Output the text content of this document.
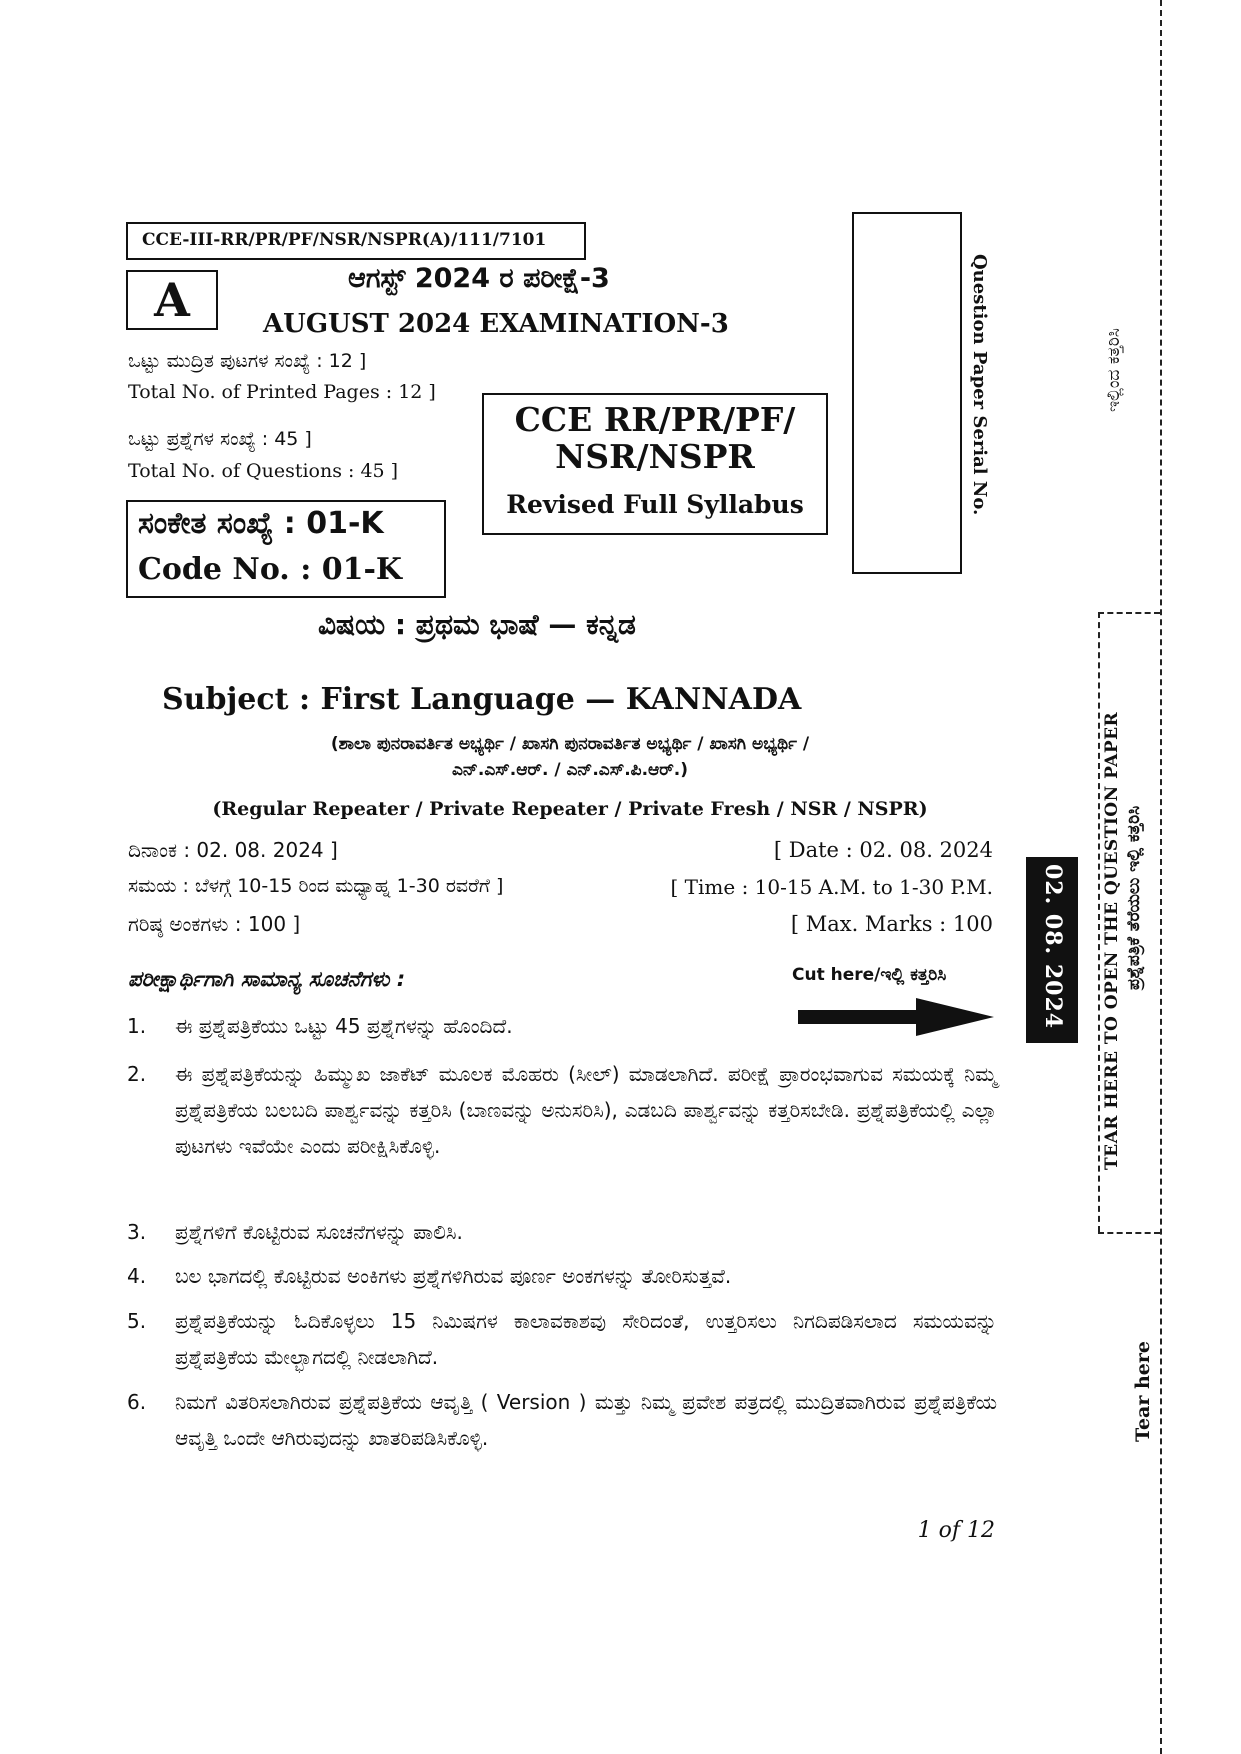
ಇಲ್ಲಿಂದ ಕತ್ತರಿಸಿ
TEAR HERE TO OPEN THE QUESTION PAPER ಪ್ರಶ್ನೆಪತ್ರಿಕೆ ತೆರೆಯಲು ಇಲ್ಲಿ ಕತ್ತರಿಸಿ
02. 08. 2024
Tear here
CCE-III-RR/PR/PF/NSR/NSPR(A)/111/7101
A	ಆಗಸ್ಟ್ 2024 ರ ಪರೀಕ್ಷೆ-3
AUGUST 2024 EXAMINATION-3
ಒಟ್ಟು ಮುದ್ರಿತ ಪುಟಗಳ ಸಂಖ್ಯೆ : 12 ]
Total No. of Printed Pages : 12 ]
ಒಟ್ಟು ಪ್ರಶ್ನೆಗಳ ಸಂಖ್ಯೆ : 45 ]
Total No. of Questions : 45 ]
ಸಂಕೇತ ಸಂಖ್ಯೆ : 01-K
Code No. : 01-K
CCE RR/PR/PF/
NSR/NSPR
Revised Full Syllabus	Question Paper Serial No.
ವಿಷಯ : ಪ್ರಥಮ ಭಾಷೆ — ಕನ್ನಡ
Subject : First Language — KANNADA
(ಶಾಲಾ ಪುನರಾವರ್ತಿತ ಅಭ್ಯರ್ಥಿ / ಖಾಸಗಿ ಪುನರಾವರ್ತಿತ ಅಭ್ಯರ್ಥಿ / ಖಾಸಗಿ ಅಭ್ಯರ್ಥಿ /
ಎನ್.ಎಸ್.ಆರ್. / ಎನ್.ಎಸ್.ಪಿ.ಆರ್.)
(Regular Repeater / Private Repeater / Private Fresh / NSR / NSPR)
ದಿನಾಂಕ : 02. 08. 2024 ]	[ Date : 02. 08. 2024
ಸಮಯ : ಬೆಳಗ್ಗೆ 10-15 ರಿಂದ ಮಧ್ಯಾಹ್ನ 1-30 ರವರೆಗೆ ]	[ Time : 10-15 A.M. to 1-30 P.M.
ಗರಿಷ್ಠ ಅಂಕಗಳು : 100 ]	[ Max. Marks : 100
ಪರೀಕ್ಷಾರ್ಥಿಗಾಗಿ ಸಾಮಾನ್ಯ ಸೂಚನೆಗಳು :	Cut here/ಇಲ್ಲಿ ಕತ್ತರಿಸಿ
1.	ಈ ಪ್ರಶ್ನೆಪತ್ರಿಕೆಯು ಒಟ್ಟು 45 ಪ್ರಶ್ನೆಗಳನ್ನು ಹೊಂದಿದೆ.
2.	ಈ ಪ್ರಶ್ನೆಪತ್ರಿಕೆಯನ್ನು ಹಿಮ್ಮುಖ ಜಾಕೆಟ್ ಮೂಲಕ ಮೊಹರು (ಸೀಲ್) ಮಾಡಲಾಗಿದೆ. ಪರೀಕ್ಷೆ ಪ್ರಾರಂಭವಾಗುವ ಸಮಯಕ್ಕೆ ನಿಮ್ಮ ಪ್ರಶ್ನೆಪತ್ರಿಕೆಯ ಬಲಬದಿ ಪಾರ್ಶ್ವವನ್ನು ಕತ್ತರಿಸಿ (ಬಾಣವನ್ನು ಅನುಸರಿಸಿ), ಎಡಬದಿ ಪಾರ್ಶ್ವವನ್ನು ಕತ್ತರಿಸಬೇಡಿ. ಪ್ರಶ್ನೆಪತ್ರಿಕೆಯಲ್ಲಿ ಎಲ್ಲಾ ಪುಟಗಳು ಇವೆಯೇ ಎಂದು ಪರೀಕ್ಷಿಸಿಕೊಳ್ಳಿ.
3.	ಪ್ರಶ್ನೆಗಳಿಗೆ ಕೊಟ್ಟಿರುವ ಸೂಚನೆಗಳನ್ನು ಪಾಲಿಸಿ.
4.	ಬಲ ಭಾಗದಲ್ಲಿ ಕೊಟ್ಟಿರುವ ಅಂಕಿಗಳು ಪ್ರಶ್ನೆಗಳಿಗಿರುವ ಪೂರ್ಣ ಅಂಕಗಳನ್ನು ತೋರಿಸುತ್ತವೆ.
5.	ಪ್ರಶ್ನೆಪತ್ರಿಕೆಯನ್ನು ಓದಿಕೊಳ್ಳಲು 15 ನಿಮಿಷಗಳ ಕಾಲಾವಕಾಶವು ಸೇರಿದಂತೆ, ಉತ್ತರಿಸಲು ನಿಗದಿಪಡಿಸಲಾದ ಸಮಯವನ್ನು ಪ್ರಶ್ನೆಪತ್ರಿಕೆಯ ಮೇಲ್ಭಾಗದಲ್ಲಿ ನೀಡಲಾಗಿದೆ.
6.	ನಿಮಗೆ ವಿತರಿಸಲಾಗಿರುವ ಪ್ರಶ್ನೆಪತ್ರಿಕೆಯ ಆವೃತ್ತಿ ( Version ) ಮತ್ತು ನಿಮ್ಮ ಪ್ರವೇಶ ಪತ್ರದಲ್ಲಿ ಮುದ್ರಿತವಾಗಿರುವ ಪ್ರಶ್ನೆಪತ್ರಿಕೆಯ ಆವೃತ್ತಿ ಒಂದೇ ಆಗಿರುವುದನ್ನು ಖಾತರಿಪಡಿಸಿಕೊಳ್ಳಿ.
1 of 12
